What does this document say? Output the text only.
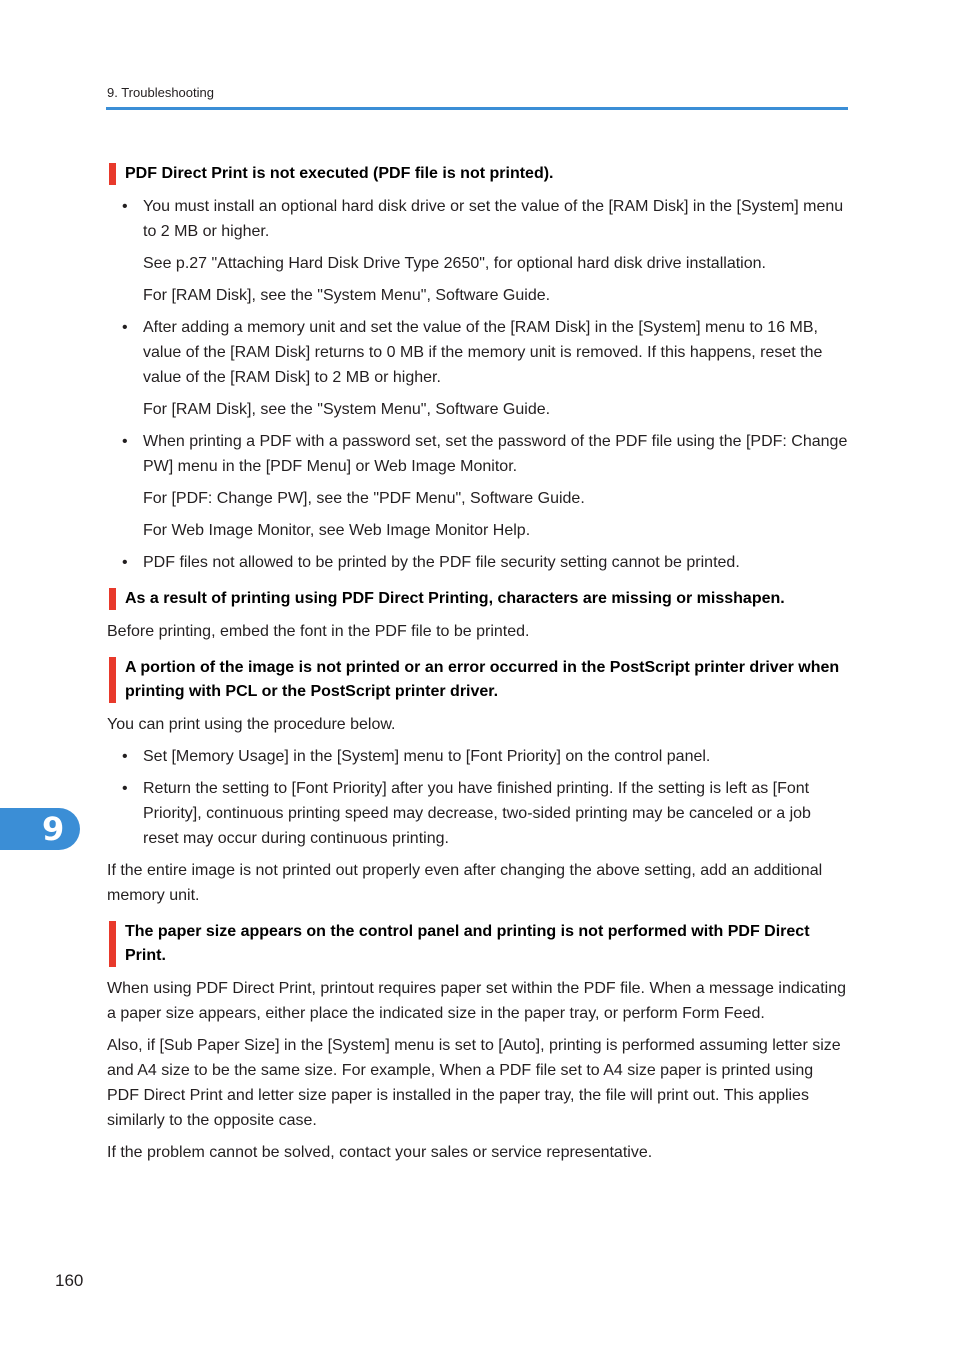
9. Troubleshooting
PDF Direct Print is not executed (PDF file is not printed).
• You must install an optional hard disk drive or set the value of the [RAM Disk] in the [System] menu to 2 MB or higher.

See p.27 "Attaching Hard Disk Drive Type 2650", for optional hard disk drive installation.

For [RAM Disk], see the "System Menu", Software Guide.

• After adding a memory unit and set the value of the [RAM Disk] in the [System] menu to 16 MB, value of the [RAM Disk] returns to 0 MB if the memory unit is removed. If this happens, reset the value of the [RAM Disk] to 2 MB or higher.

For [RAM Disk], see the "System Menu", Software Guide.

• When printing a PDF with a password set, set the password of the PDF file using the [PDF: Change PW] menu in the [PDF Menu] or Web Image Monitor.

For [PDF: Change PW], see the "PDF Menu", Software Guide.

For Web Image Monitor, see Web Image Monitor Help.

• PDF files not allowed to be printed by the PDF file security setting cannot be printed.
As a result of printing using PDF Direct Printing, characters are missing or misshapen.

Before printing, embed the font in the PDF file to be printed.

A portion of the image is not printed or an error occurred in the PostScript printer driver when printing with PCL or the PostScript printer driver.

You can print using the procedure below.

• Set [Memory Usage] in the [System] menu to [Font Priority] on the control panel.
• Return the setting to [Font Priority] after you have finished printing. If the setting is left as [Font Priority], continuous printing speed may decrease, two-sided printing may be canceled or a job reset may occur during continuous printing.

If the entire image is not printed out properly even after changing the above setting, add an additional memory unit.

The paper size appears on the control panel and printing is not performed with PDF Direct Print.

When using PDF Direct Print, printout requires paper set within the PDF file. When a message indicating a paper size appears, either place the indicated size in the paper tray, or perform Form Feed.

Also, if [Sub Paper Size] in the [System] menu is set to [Auto], printing is performed assuming letter size and A4 size to be the same size. For example, When a PDF file set to A4 size paper is printed using PDF Direct Print and letter size paper is installed in the paper tray, the file will print out. This applies similarly to the opposite case.

If the problem cannot be solved, contact your sales or service representative.

9
160
